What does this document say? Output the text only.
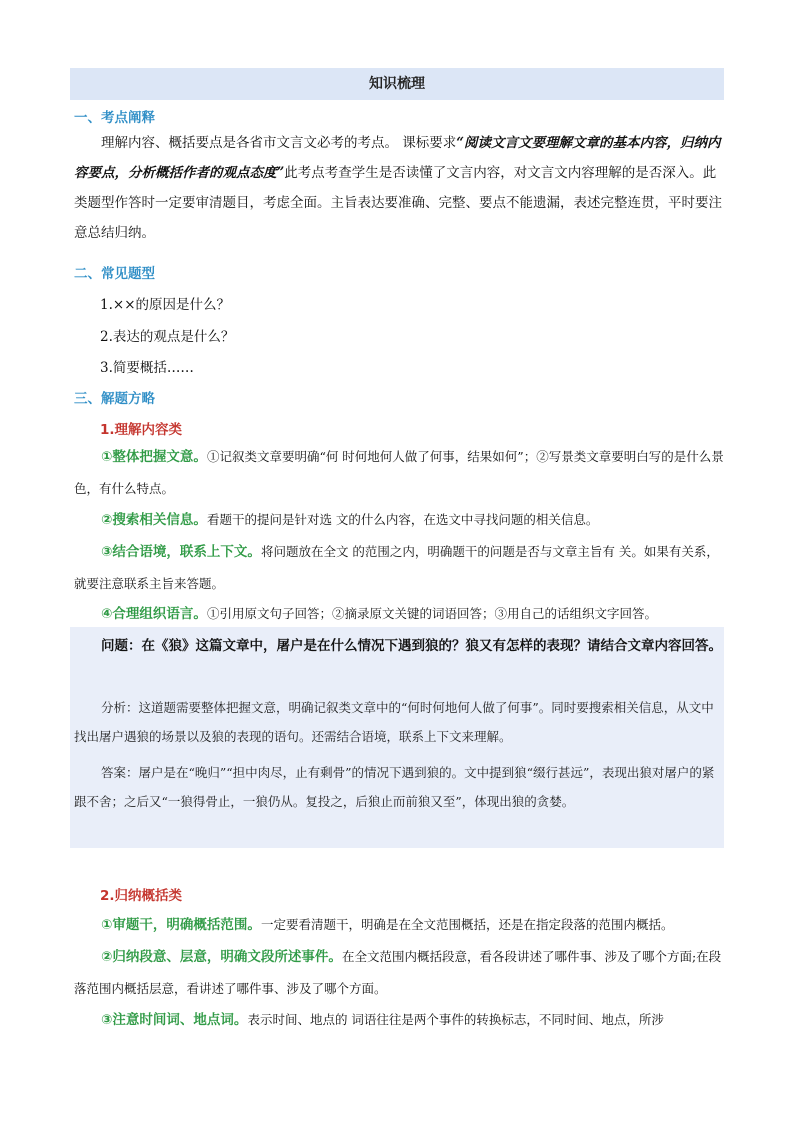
知识梳理
一、考点阐释

理解内容、概括要点是各省市文言文必考的考点。 课标要求“阅读文言文要理解文章的基本内容，归纳内容要点，分析概括作者的观点态度”此考点考查学生是否读懂了文言内容，对文言文内容理解的是否深入。此类题型作答时一定要审清题目，考虑全面。主旨表达要准确、完整、要点不能遗漏，表述完整连贯，平时要注意总结归纳。

二、常见题型
1.××的原因是什么？
2.表达的观点是什么？
3.简要概括……
三、解题方略
1.理解内容类

①整体把握文意。①记叙类文章要明确“何 时何地何人做了何事，结果如何”；②写景类文章要明白写的是什么景色，有什么特点。

②搜索相关信息。看题干的提问是针对选 文的什么内容，在选文中寻找问题的相关信息。

③结合语境，联系上下文。将问题放在全文 的范围之内，明确题干的问题是否与文章主旨有 关。如果有关系，就要注意联系主旨来答题。

④合理组织语言。①引用原文句子回答；②摘录原文关键的词语回答；③用自己的话组织文字回答。

问题：在《狼》这篇文章中，屠户是在什么情况下遇到狼的？狼又有怎样的表现？请结合文章内容回答。

分析：这道题需要整体把握文意，明确记叙类文章中的“何时何地何人做了何事”。同时要搜索相关信息，从文中找出屠户遇狼的场景以及狼的表现的语句。还需结合语境，联系上下文来理解。

答案：屠户是在“晚归”“担中肉尽，止有剩骨”的情况下遇到狼的。文中提到狼“缀行甚远”，表现出狼对屠户的紧跟不舍；之后又“一狼得骨止，一狼仍从。复投之，后狼止而前狼又至”，体现出狼的贪婪。

2.归纳概括类

①审题干，明确概括范围。一定要看清题干，明确是在全文范围概括，还是在指定段落的范围内概括。

②归纳段意、层意，明确文段所述事件。在全文范围内概括段意，看各段讲述了哪件事、涉及了哪个方面;在段落范围内概括层意，看讲述了哪件事、涉及了哪个方面。

③注意时间词、地点词。表示时间、地点的 词语往往是两个事件的转换标志，不同时间、地点，所涉
